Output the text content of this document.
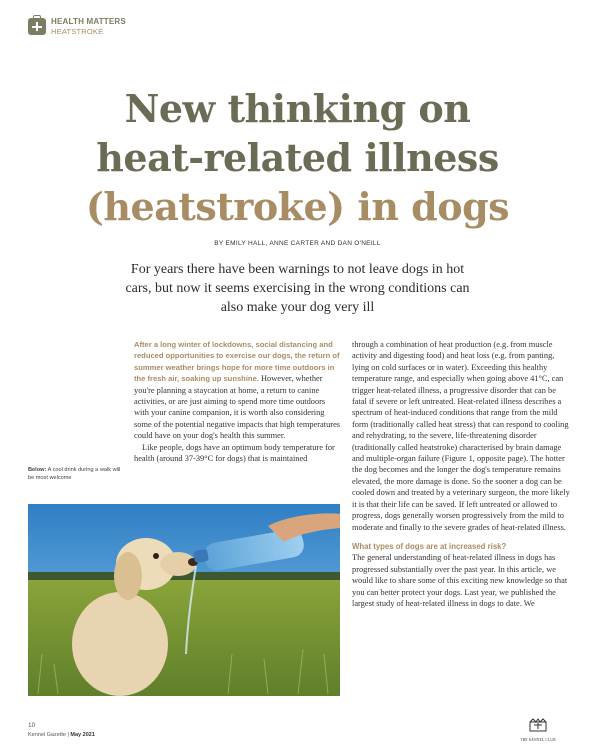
HEALTH MATTERS
HEATSTROKE
New thinking on
heat-related illness
(heatstroke) in dogs
BY EMILY HALL, ANNE CARTER AND DAN O'NEILL
For years there have been warnings to not leave dogs in hot cars, but now it seems exercising in the wrong conditions can also make your dog very ill
After a long winter of lockdowns, social distancing and reduced opportunities to exercise our dogs, the return of summer weather brings hope for more time outdoors in the fresh air, soaking up sunshine. However, whether you're planning a staycation at home, a return to canine activities, or are just aiming to spend more time outdoors with your canine companion, it is worth also considering some of the potential negative impacts that high temperatures could have on your dog's health this summer.
Like people, dogs have an optimum body temperature for health (around 37-39°C for dogs) that is maintained
Below: A cool drink during a walk will be most welcome

through a combination of heat production (e.g. from muscle activity and digesting food) and heat loss (e.g. from panting, lying on cold surfaces or in water). Exceeding this healthy temperature range, and especially when going above 41°C, can trigger heat-related illness, a progressive disorder that can be fatal if severe or left untreated. Heat-related illness describes a spectrum of heat-induced conditions that range from the mild form (traditionally called heat stress) that can respond to cooling and rehydrating, to the severe, life-threatening disorder (traditionally called heatstroke) characterised by brain damage and multiple-organ failure (Figure 1, opposite page). The hotter the dog becomes and the longer the dog's temperature remains elevated, the more damage is done. So the sooner a dog can be cooled down and treated by a veterinary surgeon, the more likely it is that their life can be saved. If left untreated or allowed to progress, dogs generally worsen progressively from the mild to moderate and finally to the severe grades of heat-related illness.

What types of dogs are at increased risk?

The general understanding of heat-related illness in dogs has progressed substantially over the past year. In this article, we would like to share some of this exciting new knowledge so that you can better protect your dogs. Last year, we published the largest study of heat-related illness in dogs to date. We

10
Kennel Gazette | May 2021
THE KENNEL CLUB
